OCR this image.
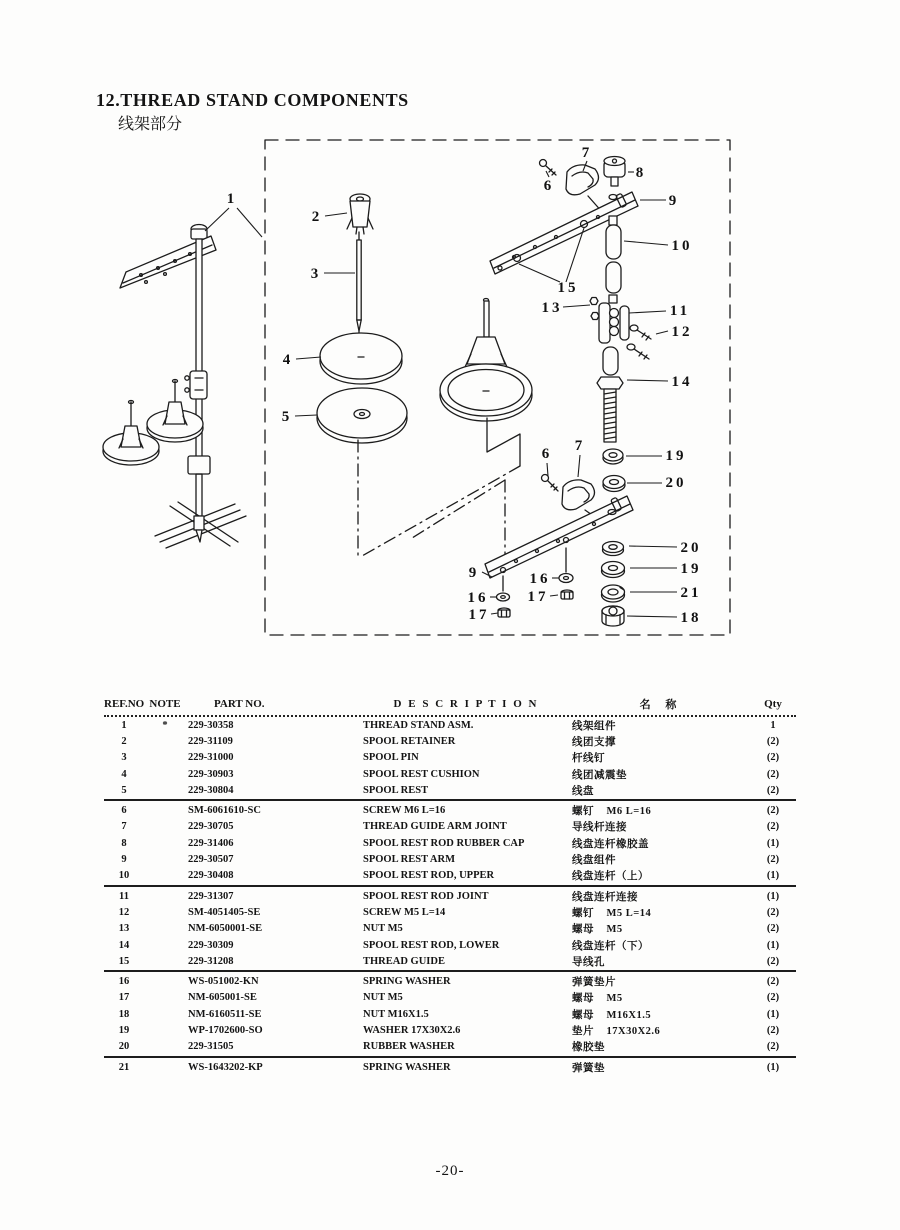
12.THREAD STAND COMPONENTS
线架部分
1
2
3
4
5
6
7
8
9
10
15
13	11
12
14
19
20
6 7
9	16
17
16
17
20
19
21
18
REF.NO NOTE	PART NO.	D E S C R I P T I O N	名 称	Qty
1	*	229-30358	THREAD STAND ASM.	线架组件	1
2	229-31109	SPOOL RETAINER	线团支撑	(2)
3	229-31000	SPOOL PIN	杆线钉	(2)
4	229-30903	SPOOL REST CUSHION	线团减震垫	(2)
5	229-30804	SPOOL REST	线盘	(2)
6	SM-6061610-SC	SCREW M6 L=16	螺钉    M6 L=16	(2)
7	229-30705	THREAD GUIDE ARM JOINT	导线杆连接	(2)
8	229-31406	SPOOL REST ROD RUBBER CAP	线盘连杆橡胶盖	(1)
9	229-30507	SPOOL REST ARM	线盘组件	(2)
10	229-30408	SPOOL REST ROD, UPPER	线盘连杆（上）	(1)
11	229-31307	SPOOL REST ROD JOINT	线盘连杆连接	(1)
12	SM-4051405-SE	SCREW M5 L=14	螺钉    M5 L=14	(2)
13	NM-6050001-SE	NUT M5	螺母    M5	(2)
14	229-30309	SPOOL REST ROD, LOWER	线盘连杆（下）	(1)
15	229-31208	THREAD GUIDE	导线孔	(2)
16	WS-051002-KN	SPRING WASHER	弹簧垫片	(2)
17	NM-605001-SE	NUT M5	螺母    M5	(2)
18	NM-6160511-SE	NUT M16X1.5	螺母    M16X1.5	(1)
19	WP-1702600-SO	WASHER 17X30X2.6	垫片    17X30X2.6	(2)
20	229-31505	RUBBER WASHER	橡胶垫	(2)
21	WS-1643202-KP	SPRING WASHER	弹簧垫	(1)
-20-
